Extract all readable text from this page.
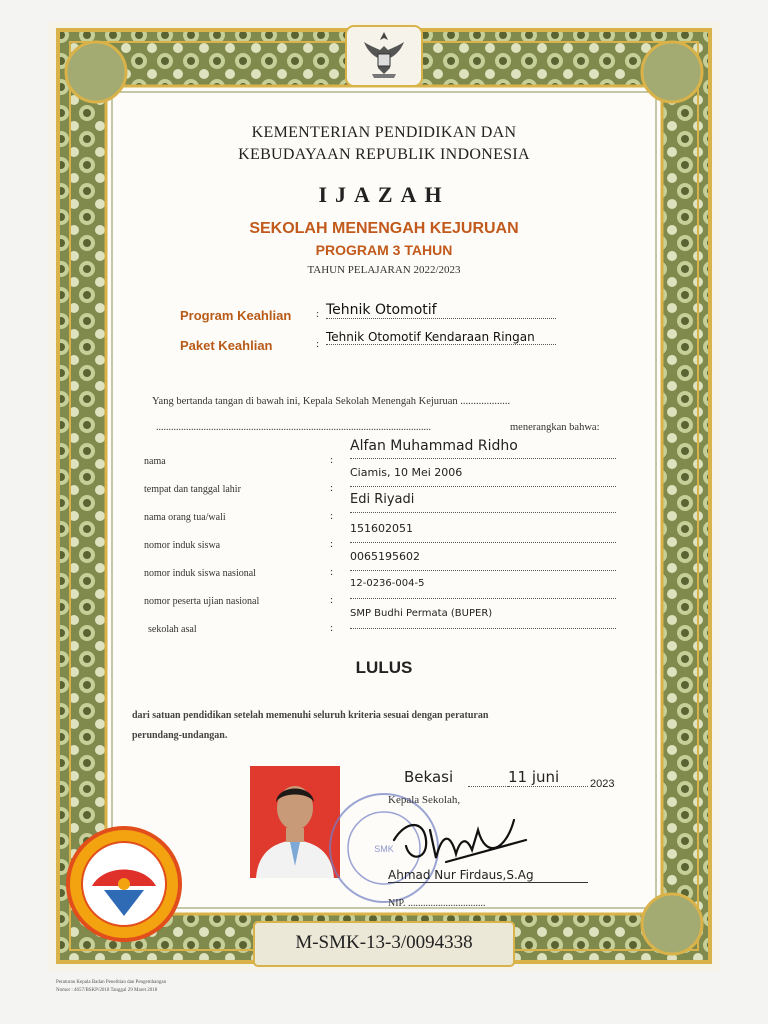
KEMENTERIAN PENDIDIKAN DAN
KEBUDAYAAN REPUBLIK INDONESIA
IJAZAH
SEKOLAH MENENGAH KEJURUAN
PROGRAM 3 TAHUN
TAHUN PELAJARAN 2022/2023
Program Keahlian : Tehnik Otomotif
Paket Keahlian	: Tehnik Otomotif Kendaraan Ringan
Yang bertanda tangan di bawah ini, Kepala Sekolah Menengah Kejuruan ...................
..............................................................................................................	menerangkan bahwa:
nama	:
Alfan Muhammad Ridho
tempat dan tanggal lahir	:
Ciamis, 10 Mei 2006
nama orang tua/wali	:
Edi Riyadi
nomor induk siswa	:
151602051
nomor induk siswa nasional	:
0065195602
nomor peserta ujian nasional	:
12-0236-004-5
sekolah asal	:
SMP Budhi Permata (BUPER)
LULUS
dari satuan pendidikan setelah memenuhi seluruh kriteria sesuai dengan peraturan
perundang-undangan.
SMK
Bekasi	11 juni	2023
Kepala Sekolah,
Ahmad Nur Firdaus,S.Ag
NIP. ...............................
M-SMK-13-3/0094338
Peraturan Kepala Badan Penelitian dan Pengembangan
Nomor : 4657/BSKP/2018 Tanggal 29 Maret 2018
